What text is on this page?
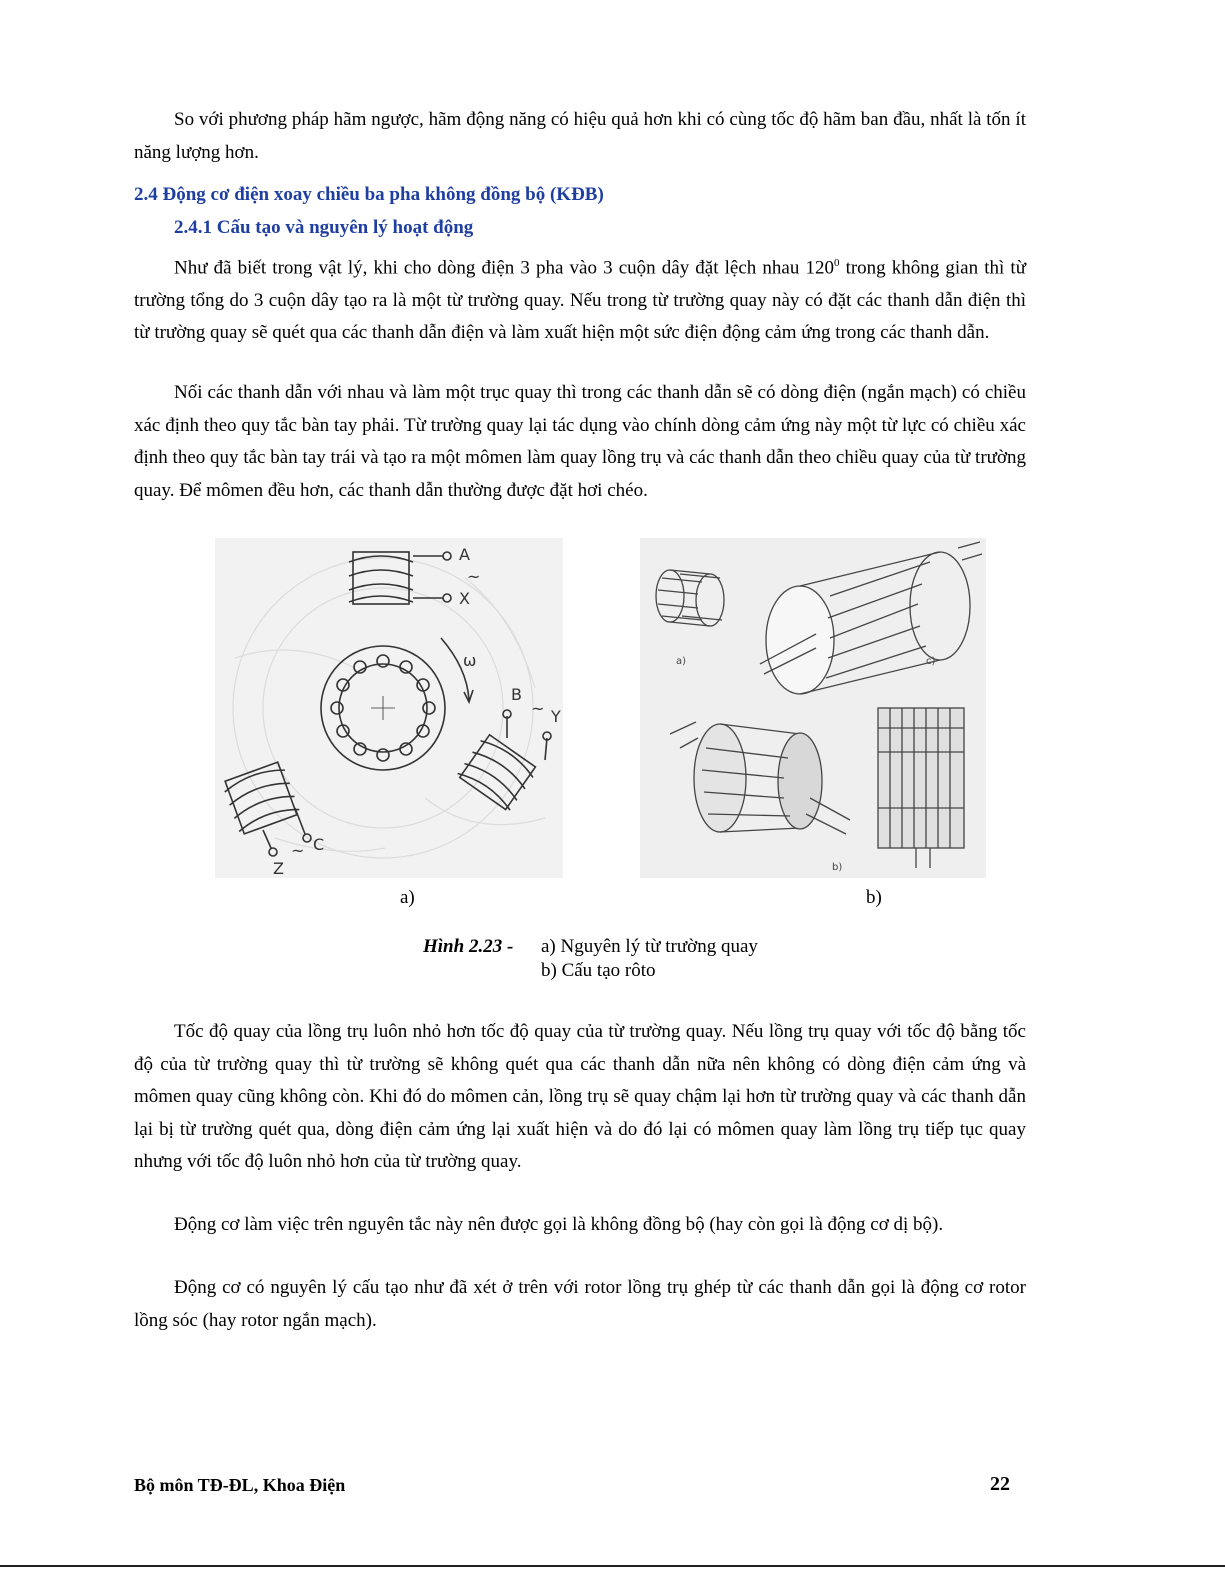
So với phương pháp hãm ngược, hãm động năng có hiệu quả hơn khi có cùng tốc độ hãm ban đầu, nhất là tốn ít năng lượng hơn.

2.4 Động cơ điện xoay chiều ba pha không đồng bộ (KĐB)

2.4.1 Cấu tạo và nguyên lý hoạt động

Như đã biết trong vật lý, khi cho dòng điện 3 pha vào 3 cuộn dây đặt lệch nhau $120^0$ trong không gian thì từ trường tổng do 3 cuộn dây tạo ra là một từ trường quay. Nếu trong từ trường quay này có đặt các thanh dẫn điện thì từ trường quay sẽ quét qua các thanh dẫn điện và làm xuất hiện một sức điện động cảm ứng trong các thanh dẫn.

Nối các thanh dẫn với nhau và làm một trục quay thì trong các thanh dẫn sẽ có dòng điện (ngắn mạch) có chiều xác định theo quy tắc bàn tay phải. Từ trường quay lại tác dụng vào chính dòng cảm ứng này một từ lực có chiều xác định theo quy tắc bàn tay trái và tạo ra một mômen làm quay lồng trụ và các thanh dẫn theo chiều quay của từ trường quay. Để mômen đều hơn, các thanh dẫn thường được đặt hơi chéo.

A
~
X
ω
B
~ Y
C
~
Z
a)	c)
b)
a)	b)
Hình 2.23 - a) Nguyên lý từ trường quay
b) Cấu tạo rôto

Tốc độ quay của lồng trụ luôn nhỏ hơn tốc độ quay của từ trường quay. Nếu lồng trụ quay với tốc độ bằng tốc độ của từ trường quay thì từ trường sẽ không quét qua các thanh dẫn nữa nên không có dòng điện cảm ứng và mômen quay cũng không còn. Khi đó do mômen cản, lồng trụ sẽ quay chậm lại hơn từ trường quay và các thanh dẫn lại bị từ trường quét qua, dòng điện cảm ứng lại xuất hiện và do đó lại có mômen quay làm lồng trụ tiếp tục quay nhưng với tốc độ luôn nhỏ hơn của từ trường quay.

Động cơ làm việc trên nguyên tắc này nên được gọi là không đồng bộ (hay còn gọi là động cơ dị bộ).

Động cơ có nguyên lý cấu tạo như đã xét ở trên với rotor lồng trụ ghép từ các thanh dẫn gọi là động cơ rotor lồng sóc (hay rotor ngắn mạch).

Bộ môn TĐ-ĐL, Khoa Điện	22
